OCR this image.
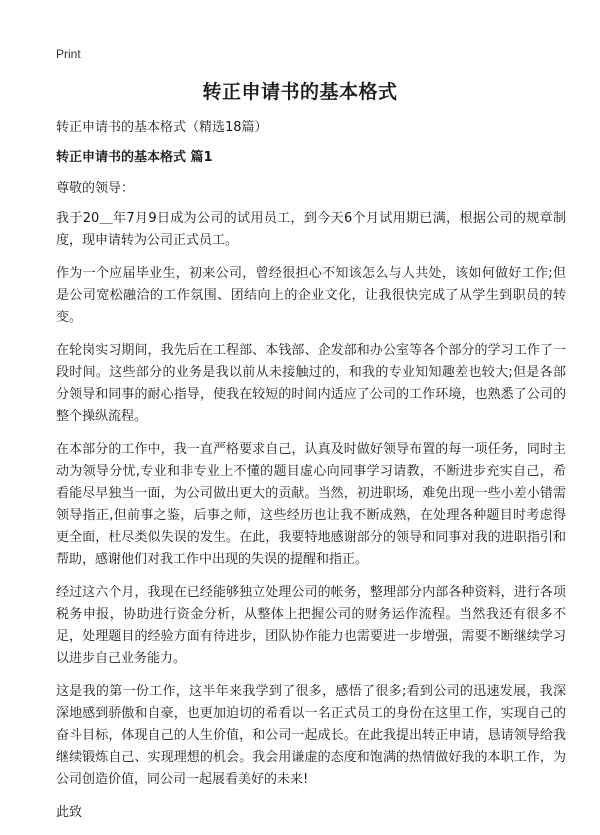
Print
转正申请书的基本格式
转正申请书的基本格式（精选18篇）
转正申请书的基本格式 篇1

尊敬的领导：

我于20＿年7月9日成为公司的试用员工，到今天6个月试用期已满，根据公司的规章制度，现申请转为公司正式员工。

作为一个应届毕业生，初来公司，曾经很担心不知该怎么与人共处，该如何做好工作;但是公司宽松融洽的工作氛围、团结向上的企业文化，让我很快完成了从学生到职员的转变。

在轮岗实习期间，我先后在工程部、本钱部、企发部和办公室等各个部分的学习工作了一段时间。这些部分的业务是我以前从未接触过的，和我的专业知知趣差也较大;但是各部分领导和同事的耐心指导，使我在较短的时间内适应了公司的工作环境，也熟悉了公司的整个操纵流程。

在本部分的工作中，我一直严格要求自己，认真及时做好领导布置的每一项任务，同时主动为领导分忧,专业和非专业上不懂的题目虚心向同事学习请教，不断进步充实自己，希看能尽早独当一面，为公司做出更大的贡献。当然，初进职场，难免出现一些小差小错需领导指正,但前事之鉴，后事之师，这些经历也让我不断成熟，在处理各种题目时考虑得更全面，杜尽类似失误的发生。在此，我要特地感谢部分的领导和同事对我的进职指引和帮助，感谢他们对我工作中出现的失误的提醒和指正。

经过这六个月，我现在已经能够独立处理公司的帐务，整理部分内部各种资料，进行各项税务申报，协助进行资金分析，从整体上把握公司的财务运作流程。当然我还有很多不足，处理题目的经验方面有待进步，团队协作能力也需要进一步增强，需要不断继续学习以进步自己业务能力。

这是我的第一份工作，这半年来我学到了很多，感悟了很多;看到公司的迅速发展，我深深地感到骄傲和自豪，也更加迫切的希看以一名正式员工的身份在这里工作，实现自己的奋斗目标，体现自己的人生价值，和公司一起成长。在此我提出转正申请，恳请领导给我继续锻炼自己、实现理想的机会。我会用谦虚的态度和饱满的热情做好我的本职工作，为公司创造价值，同公司一起展看美好的未来!

此致
